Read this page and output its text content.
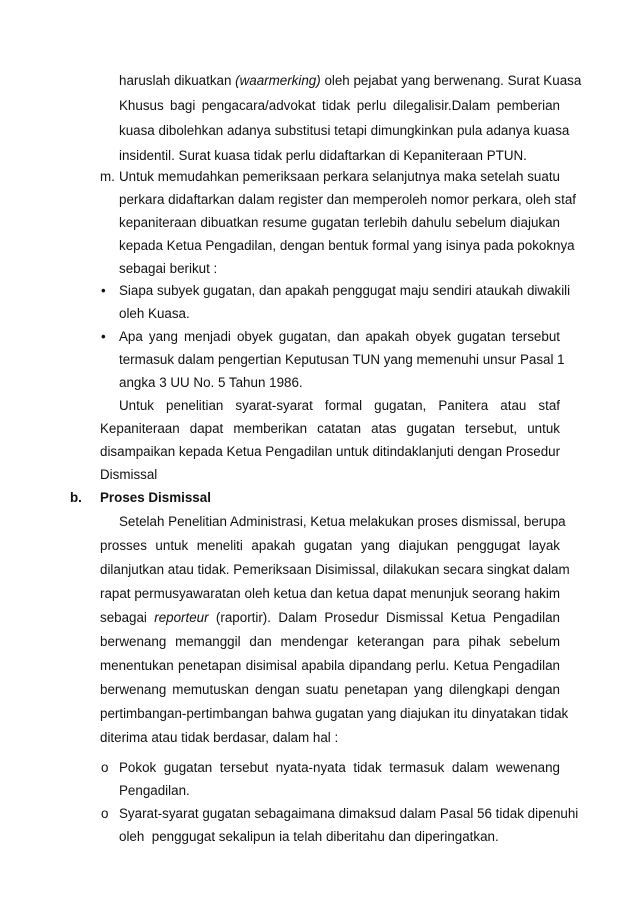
haruslah dikuatkan (waarmerking) oleh pejabat yang berwenang. Surat Kuasa
Khusus bagi pengacara/advokat tidak perlu dilegalisir.Dalam pemberian
kuasa dibolehkan adanya substitusi tetapi dimungkinkan pula adanya kuasa
insidentil. Surat kuasa tidak perlu didaftarkan di Kepaniteraan PTUN.
m. Untuk memudahkan pemeriksaan perkara selanjutnya maka setelah suatu
perkara didaftarkan dalam register dan memperoleh nomor perkara, oleh staf
kepaniteraan dibuatkan resume gugatan terlebih dahulu sebelum diajukan
kepada Ketua Pengadilan, dengan bentuk formal yang isinya pada pokoknya
sebagai berikut :
• Siapa subyek gugatan, dan apakah penggugat maju sendiri ataukah diwakili
oleh Kuasa.
• Apa yang menjadi obyek gugatan, dan apakah obyek gugatan tersebut
termasuk dalam pengertian Keputusan TUN yang memenuhi unsur Pasal 1
angka 3 UU No. 5 Tahun 1986.
Untuk penelitian syarat-syarat formal gugatan, Panitera atau staf
Kepaniteraan dapat memberikan catatan atas gugatan tersebut, untuk
disampaikan kepada Ketua Pengadilan untuk ditindaklanjuti dengan Prosedur
Dismissal
b. Proses Dismissal
Setelah Penelitian Administrasi, Ketua melakukan proses dismissal, berupa
prosses untuk meneliti apakah gugatan yang diajukan penggugat layak
dilanjutkan atau tidak. Pemeriksaan Disimissal, dilakukan secara singkat dalam
rapat permusyawaratan oleh ketua dan ketua dapat menunjuk seorang hakim
sebagai reporteur (raportir). Dalam Prosedur Dismissal Ketua Pengadilan
berwenang memanggil dan mendengar keterangan para pihak sebelum
menentukan penetapan disimisal apabila dipandang perlu. Ketua Pengadilan
berwenang memutuskan dengan suatu penetapan yang dilengkapi dengan
pertimbangan-pertimbangan bahwa gugatan yang diajukan itu dinyatakan tidak
diterima atau tidak berdasar, dalam hal :
o Pokok gugatan tersebut nyata-nyata tidak termasuk dalam wewenang
Pengadilan.
o Syarat-syarat gugatan sebagaimana dimaksud dalam Pasal 56 tidak dipenuhi
oleh  penggugat sekalipun ia telah diberitahu dan diperingatkan.
